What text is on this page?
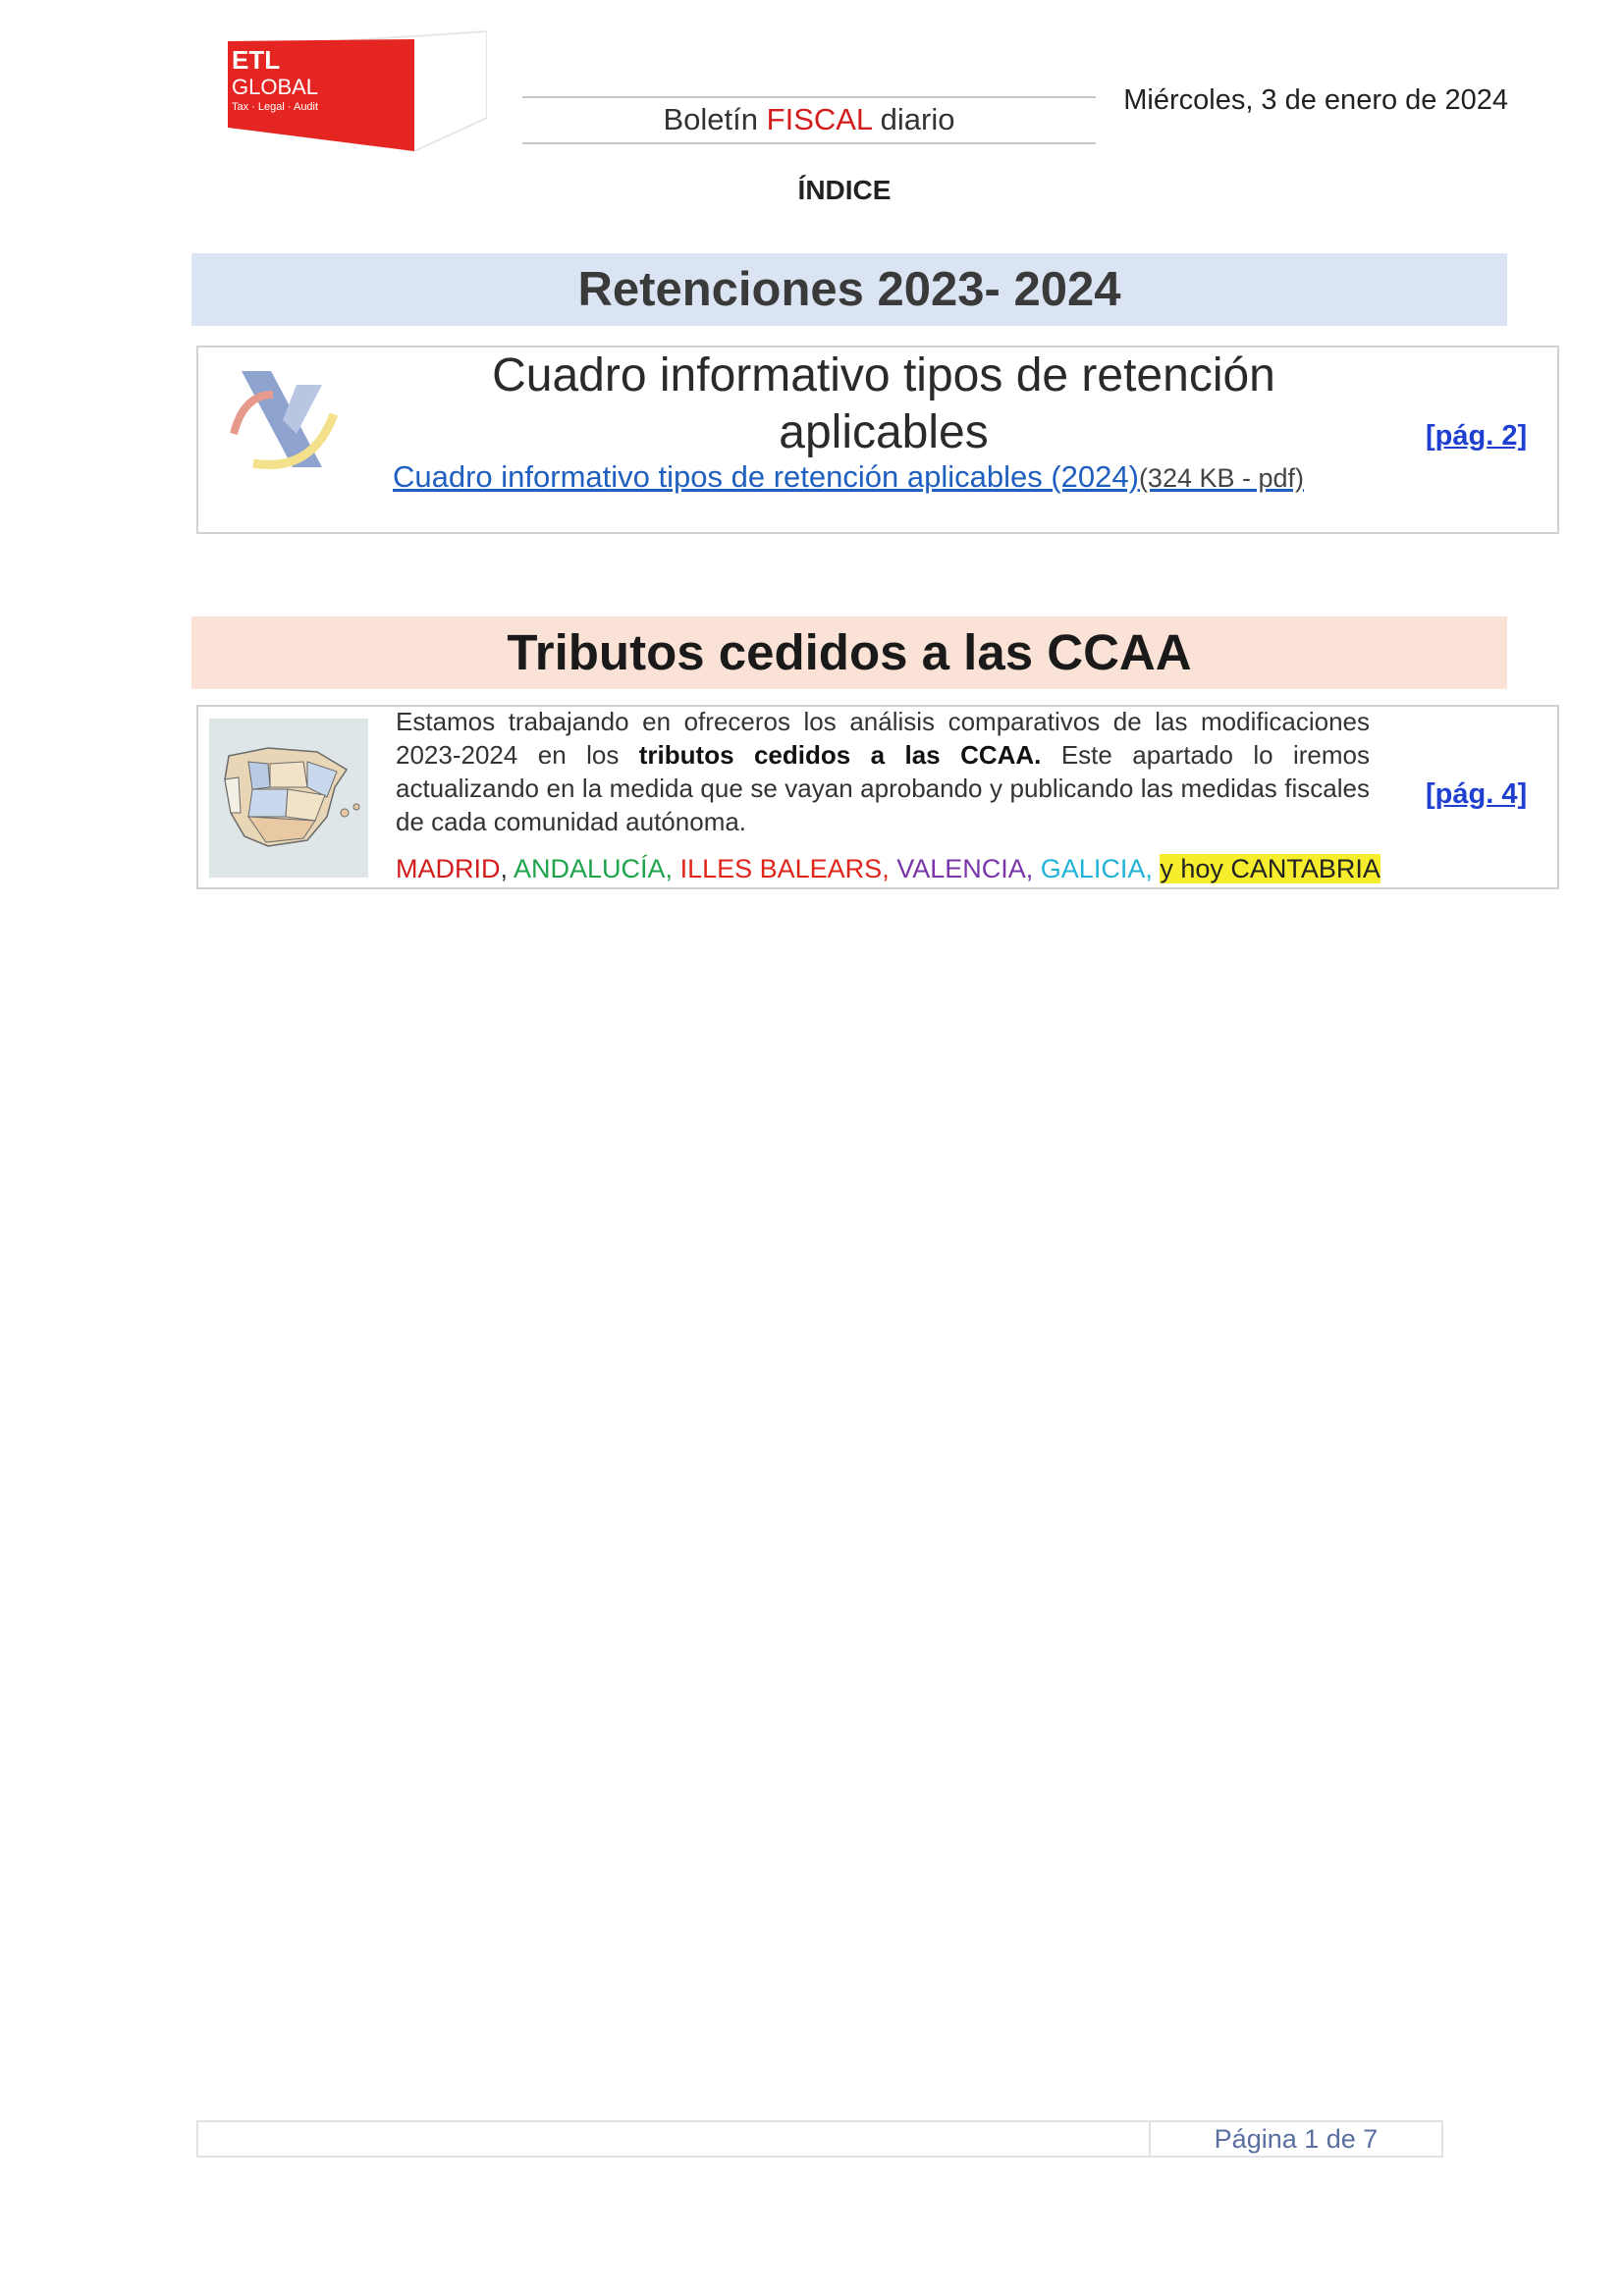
ETL
GLOBAL
Tax · Legal · Audit	Boletín FISCAL diario
Miércoles, 3 de enero de 2024
ÍNDICE
Retenciones 2023- 2024
Cuadro informativo tipos de retención aplicables
Cuadro informativo tipos de retención aplicables (2024)(324 KB - pdf)
[pág. 2]
Tributos cedidos a las CCAA
Estamos trabajando en ofreceros los análisis comparativos de las modificaciones 2023-2024 en los tributos cedidos a las CCAA. Este apartado lo iremos actualizando en la medida que se vayan aprobando y publicando las medidas fiscales de cada comunidad autónoma.
MADRID, ANDALUCÍA, ILLES BALEARS, VALENCIA, GALICIA, y hoy CANTABRIA
[pág. 4]
Página 1 de 7
